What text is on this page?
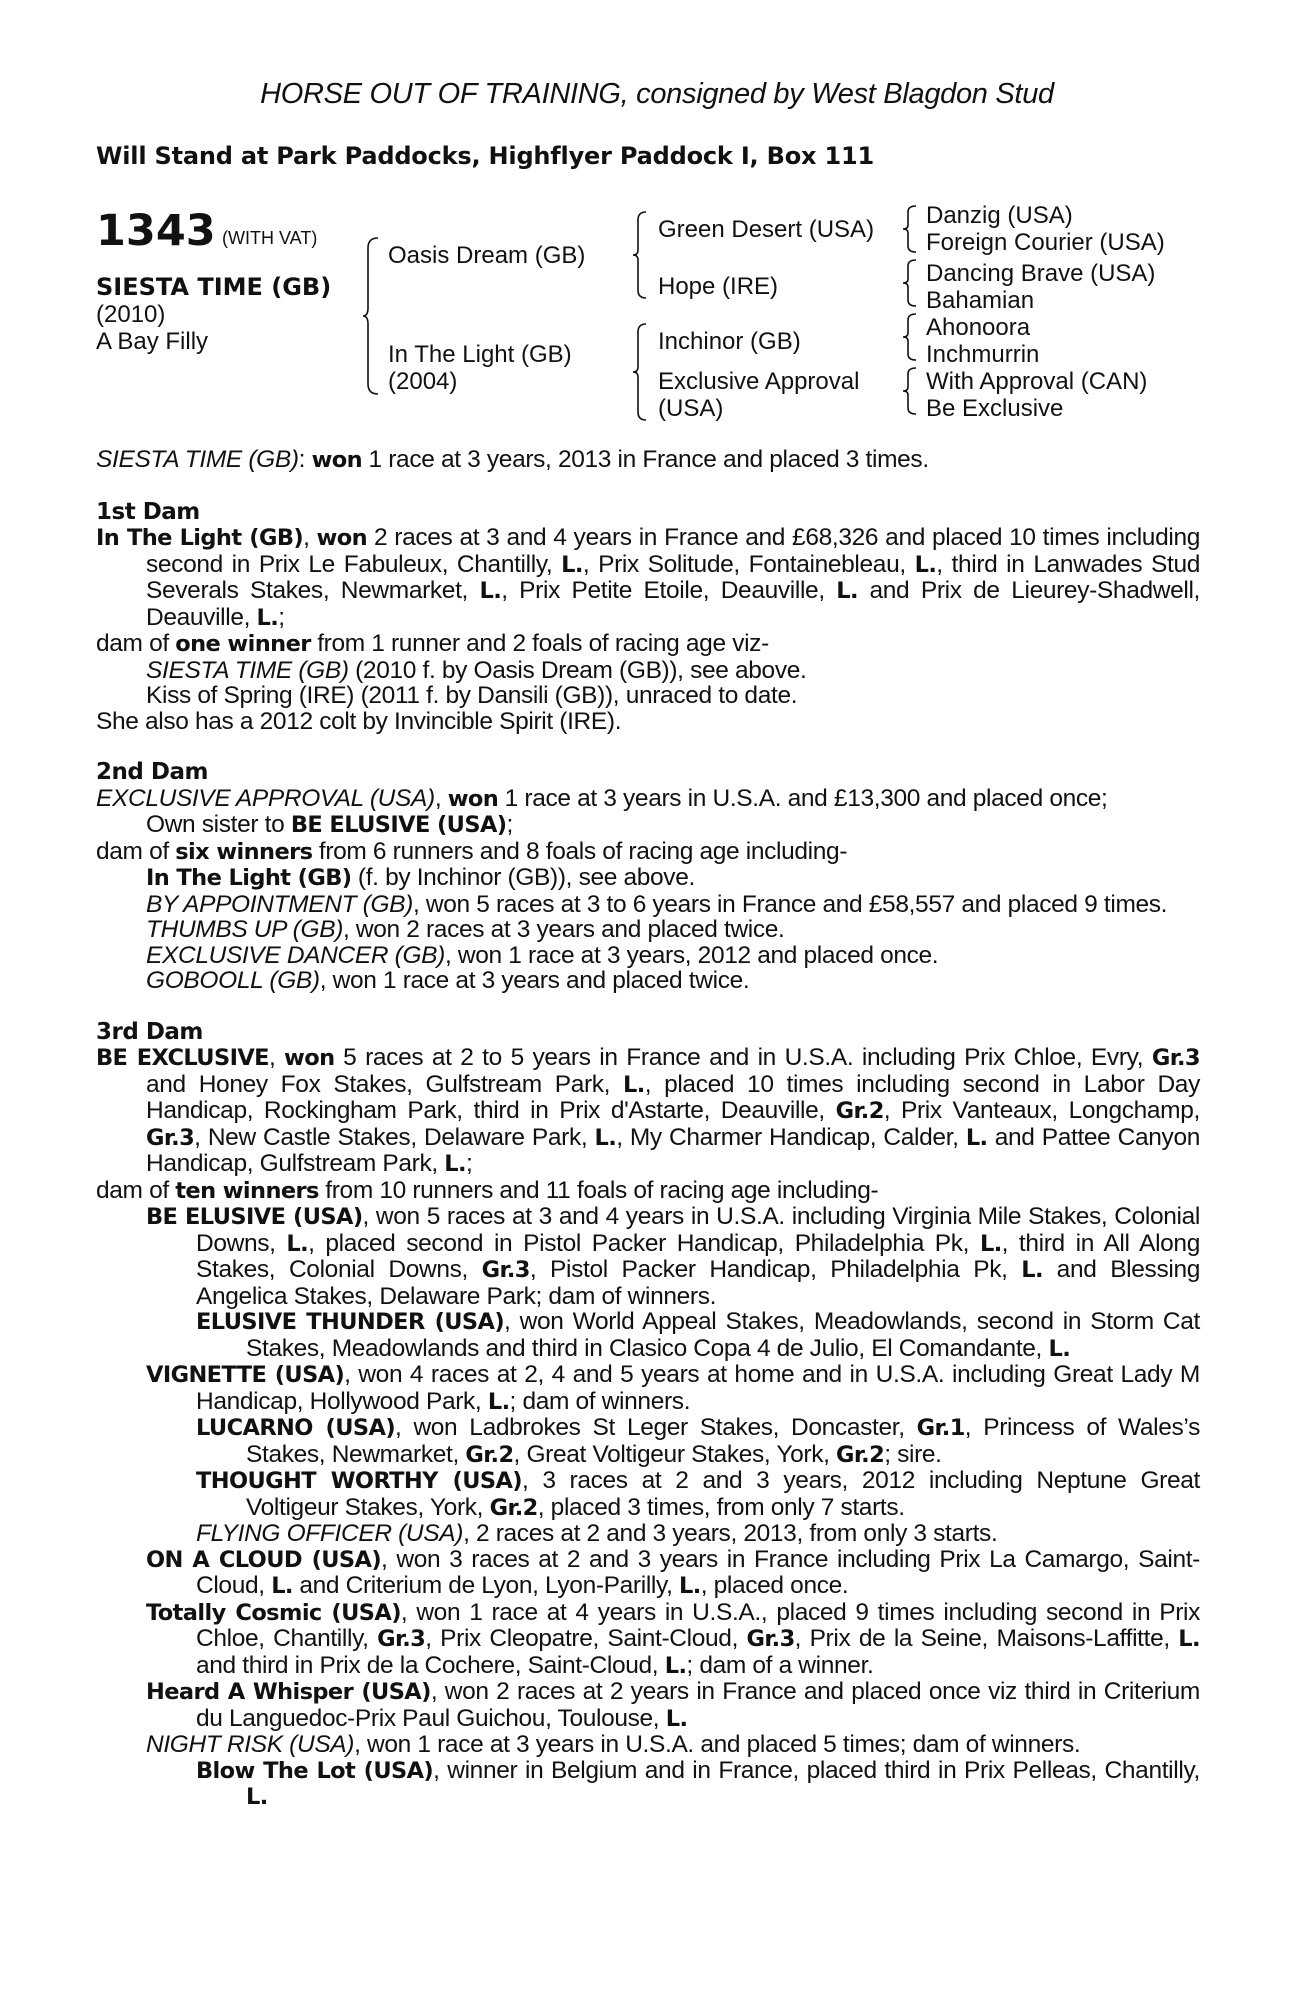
HORSE OUT OF TRAINING, consigned by West Blagdon Stud
Will Stand at Park Paddocks, Highflyer Paddock I, Box 111
1343 (WITH VAT)
SIESTA TIME (GB)
(2010)
A Bay Filly
Oasis Dream (GB)
In The Light (GB)
(2004)
Green Desert (USA)
Hope (IRE)
Inchinor (GB)
Exclusive Approval
(USA)
Danzig (USA)
Foreign Courier (USA)
Dancing Brave (USA)
Bahamian
Ahonoora
Inchmurrin
With Approval (CAN)
Be Exclusive

SIESTA TIME (GB): won 1 race at 3 years, 2013 in France and placed 3 times.

1st Dam

In The Light (GB), won 2 races at 3 and 4 years in France and £68,326 and placed 10 times including second in Prix Le Fabuleux, Chantilly, L., Prix Solitude, Fontainebleau, L., third in Lanwades Stud Severals Stakes, Newmarket, L., Prix Petite Etoile, Deauville, L. and Prix de Lieurey-Shadwell, Deauville, L.;

dam of one winner from 1 runner and 2 foals of racing age viz-

SIESTA TIME (GB) (2010 f. by Oasis Dream (GB)), see above.

Kiss of Spring (IRE) (2011 f. by Dansili (GB)), unraced to date.

She also has a 2012 colt by Invincible Spirit (IRE).

2nd Dam

EXCLUSIVE APPROVAL (USA), won 1 race at 3 years in U.S.A. and £13,300 and placed once;

Own sister to BE ELUSIVE (USA);

dam of six winners from 6 runners and 8 foals of racing age including-

In The Light (GB) (f. by Inchinor (GB)), see above.

BY APPOINTMENT (GB), won 5 races at 3 to 6 years in France and £58,557 and placed 9 times.

THUMBS UP (GB), won 2 races at 3 years and placed twice.

EXCLUSIVE DANCER (GB), won 1 race at 3 years, 2012 and placed once.

GOBOOLL (GB), won 1 race at 3 years and placed twice.

3rd Dam

BE EXCLUSIVE, won 5 races at 2 to 5 years in France and in U.S.A. including Prix Chloe, Evry, Gr.3 and Honey Fox Stakes, Gulfstream Park, L., placed 10 times including second in Labor Day Handicap, Rockingham Park, third in Prix d'Astarte, Deauville, Gr.2, Prix Vanteaux, Longchamp, Gr.3, New Castle Stakes, Delaware Park, L., My Charmer Handicap, Calder, L. and Pattee Canyon Handicap, Gulfstream Park, L.;

dam of ten winners from 10 runners and 11 foals of racing age including-

BE ELUSIVE (USA), won 5 races at 3 and 4 years in U.S.A. including Virginia Mile Stakes, Colonial Downs, L., placed second in Pistol Packer Handicap, Philadelphia Pk, L., third in All Along Stakes, Colonial Downs, Gr.3, Pistol Packer Handicap, Philadelphia Pk, L. and Blessing Angelica Stakes, Delaware Park; dam of winners.

ELUSIVE THUNDER (USA), won World Appeal Stakes, Meadowlands, second in Storm Cat Stakes, Meadowlands and third in Clasico Copa 4 de Julio, El Comandante, L.

VIGNETTE (USA), won 4 races at 2, 4 and 5 years at home and in U.S.A. including Great Lady M Handicap, Hollywood Park, L.; dam of winners.

LUCARNO (USA), won Ladbrokes St Leger Stakes, Doncaster, Gr.1, Princess of Wales’s Stakes, Newmarket, Gr.2, Great Voltigeur Stakes, York, Gr.2; sire.

THOUGHT WORTHY (USA), 3 races at 2 and 3 years, 2012 including Neptune Great Voltigeur Stakes, York, Gr.2, placed 3 times, from only 7 starts.

FLYING OFFICER (USA), 2 races at 2 and 3 years, 2013, from only 3 starts.

ON A CLOUD (USA), won 3 races at 2 and 3 years in France including Prix La Camargo, Saint-Cloud, L. and Criterium de Lyon, Lyon-Parilly, L., placed once.

Totally Cosmic (USA), won 1 race at 4 years in U.S.A., placed 9 times including second in Prix Chloe, Chantilly, Gr.3, Prix Cleopatre, Saint-Cloud, Gr.3, Prix de la Seine, Maisons-Laffitte, L. and third in Prix de la Cochere, Saint-Cloud, L.; dam of a winner.

Heard A Whisper (USA), won 2 races at 2 years in France and placed once viz third in Criterium du Languedoc-Prix Paul Guichou, Toulouse, L.

NIGHT RISK (USA), won 1 race at 3 years in U.S.A. and placed 5 times; dam of winners.

Blow The Lot (USA), winner in Belgium and in France, placed third in Prix Pelleas, Chantilly, L.
